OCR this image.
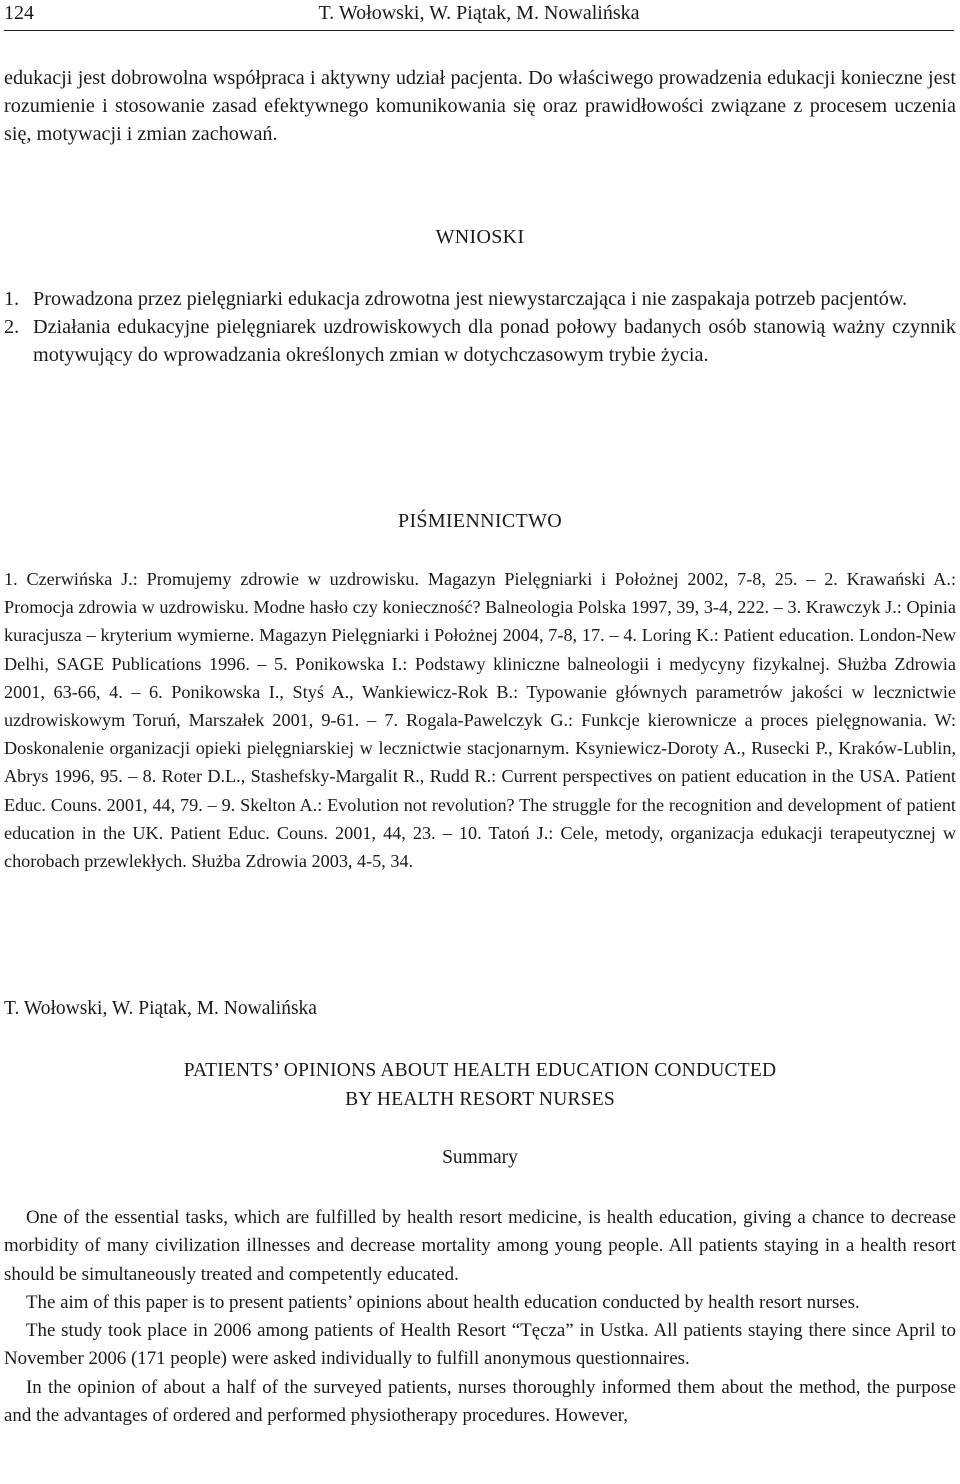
124	T. Wołowski, W. Piątak, M. Nowalińska
edukacji jest dobrowolna współpraca i aktywny udział pacjenta. Do właściwego prowadzenia edukacji konieczne jest rozumienie i stosowanie zasad efektywnego komunikowania się oraz prawidłowości związane z procesem uczenia się, motywacji i zmian zachowań.
WNIOSKI
1. Prowadzona przez pielęgniarki edukacja zdrowotna jest niewystarczająca i nie zaspakaja potrzeb pacjentów.
2. Działania edukacyjne pielęgniarek uzdrowiskowych dla ponad połowy badanych osób stanowią ważny czynnik motywujący do wprowadzania określonych zmian w dotychczasowym trybie życia.
PIŚMIENNICTWO
1. Czerwińska J.: Promujemy zdrowie w uzdrowisku. Magazyn Pielęgniarki i Położnej 2002, 7-8, 25. – 2. Krawański A.: Promocja zdrowia w uzdrowisku. Modne hasło czy konieczność? Balneologia Polska 1997, 39, 3-4, 222. – 3. Krawczyk J.: Opinia kuracjusza – kryterium wymierne. Magazyn Pielęgniarki i Położnej 2004, 7-8, 17. – 4. Loring K.: Patient education. London-New Delhi, SAGE Publications 1996. – 5. Ponikowska I.: Podstawy kliniczne balneologii i medycyny fizykalnej. Służba Zdrowia 2001, 63-66, 4. – 6. Ponikowska I., Styś A., Wankiewicz-Rok B.: Typowanie głównych parametrów jakości w lecznictwie uzdrowiskowym Toruń, Marszałek 2001, 9-61. – 7. Rogala-Pawelczyk G.: Funkcje kierownicze a proces pielęgnowania. W: Doskonalenie organizacji opieki pielęgniarskiej w lecznictwie stacjonarnym. Ksyniewicz-Doroty A., Rusecki P., Kraków-Lublin, Abrys 1996, 95. – 8. Roter D.L., Stashefsky-Margalit R., Rudd R.: Current perspectives on patient education in the USA. Patient Educ. Couns. 2001, 44, 79. – 9. Skelton A.: Evolution not revolution? The struggle for the recognition and development of patient education in the UK. Patient Educ. Couns. 2001, 44, 23. – 10. Tatoń J.: Cele, metody, organizacja edukacji terapeutycznej w chorobach przewlekłych. Służba Zdrowia 2003, 4-5, 34.
T. Wołowski, W. Piątak, M. Nowalińska
PATIENTS’ OPINIONS ABOUT HEALTH EDUCATION CONDUCTED
BY HEALTH RESORT NURSES
Summary

One of the essential tasks, which are fulfilled by health resort medicine, is health education, giving a chance to decrease morbidity of many civilization illnesses and decrease mortality among young people. All patients staying in a health resort should be simultaneously treated and competently educated.

The aim of this paper is to present patients’ opinions about health education conducted by health resort nurses.

The study took place in 2006 among patients of Health Resort “Tęcza” in Ustka. All patients staying there since April to November 2006 (171 people) were asked individually to fulfill anonymous questionnaires.

In the opinion of about a half of the surveyed patients, nurses thoroughly informed them about the method, the purpose and the advantages of ordered and performed physiotherapy procedures. However,
